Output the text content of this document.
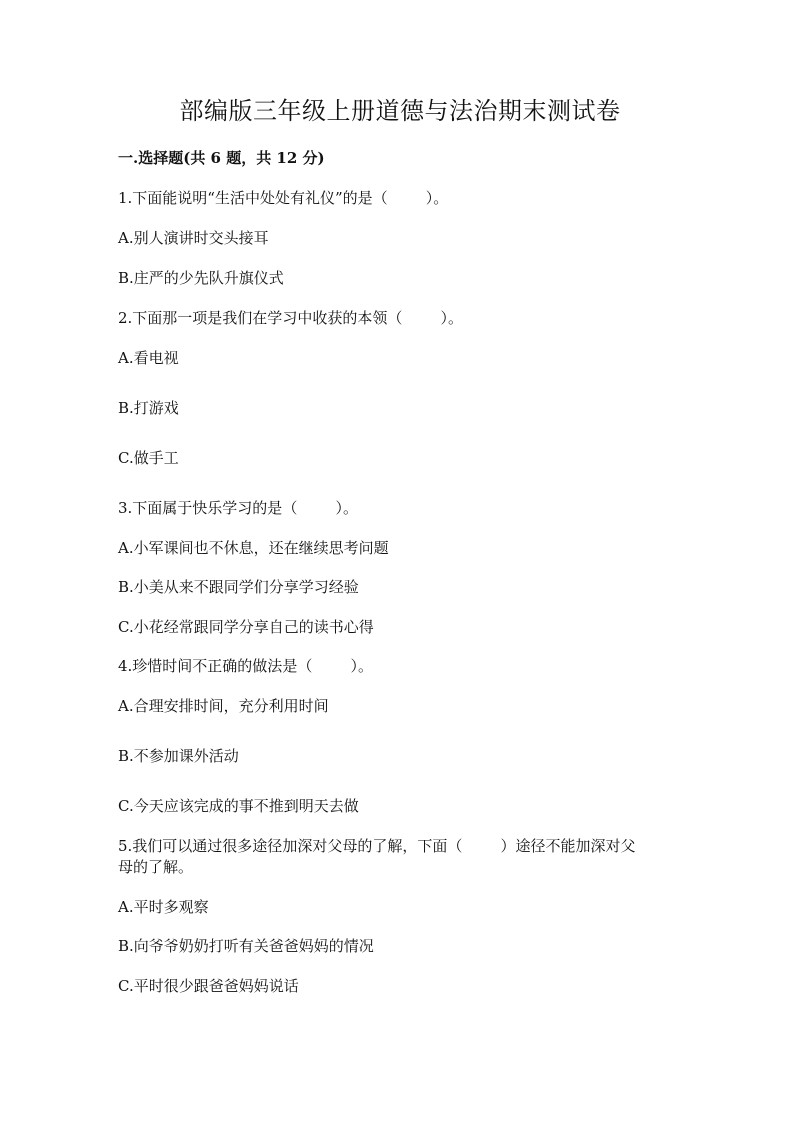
部编版三年级上册道德与法治期末测试卷
一.选择题(共 6 题，共 12 分)
1.下面能说明“生活中处处有礼仪”的是（        ）。
A.别人演讲时交头接耳
B.庄严的少先队升旗仪式
2.下面那一项是我们在学习中收获的本领（        ）。
A.看电视
B.打游戏
C.做手工
3.下面属于快乐学习的是（        ）。
A.小军课间也不休息，还在继续思考问题
B.小美从来不跟同学们分享学习经验
C.小花经常跟同学分享自己的读书心得
4.珍惜时间不正确的做法是（        ）。
A.合理安排时间，充分利用时间
B.不参加课外活动
C.今天应该完成的事不推到明天去做
5.我们可以通过很多途径加深对父母的了解，下面（        ）途径不能加深对父
母的了解。
A.平时多观察
B.向爷爷奶奶打听有关爸爸妈妈的情况
C.平时很少跟爸爸妈妈说话
